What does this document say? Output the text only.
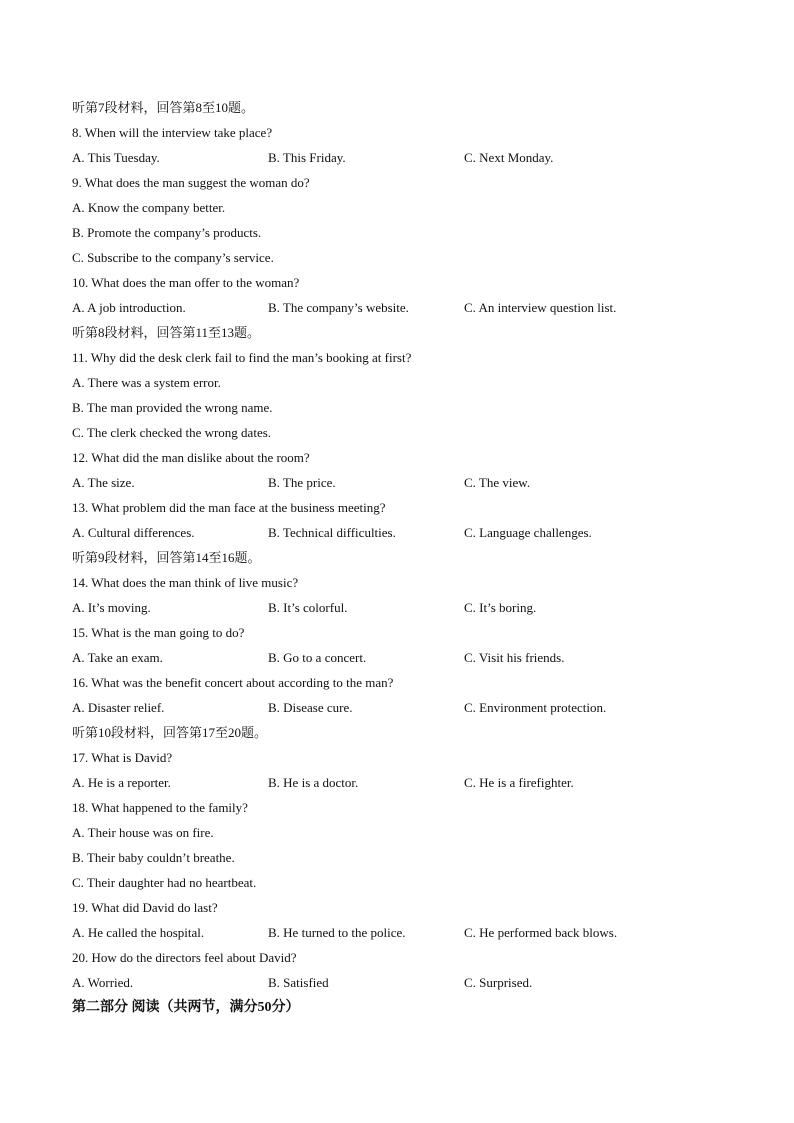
听第7段材料，回答第8至10题。
8. When will the interview take place?
A. This Tuesday.	B. This Friday.	C. Next Monday.
9. What does the man suggest the woman do?
A. Know the company better.
B. Promote the company’s products.
C. Subscribe to the company’s service.
10. What does the man offer to the woman?
A. A job introduction.	B. The company’s website.	C. An interview question list.
听第8段材料，回答第11至13题。
11. Why did the desk clerk fail to find the man’s booking at first?
A. There was a system error.
B. The man provided the wrong name.
C. The clerk checked the wrong dates.
12. What did the man dislike about the room?
A. The size.	B. The price.	C. The view.
13. What problem did the man face at the business meeting?
A. Cultural differences.	B. Technical difficulties.	C. Language challenges.
听第9段材料，回答第14至16题。
14. What does the man think of live music?
A. It’s moving.	B. It’s colorful.	C. It’s boring.
15. What is the man going to do?
A. Take an exam.	B. Go to a concert.	C. Visit his friends.
16. What was the benefit concert about according to the man?
A. Disaster relief.	B. Disease cure.	C. Environment protection.
听第10段材料，回答第17至20题。
17. What is David?
A. He is a reporter.	B. He is a doctor.	C. He is a firefighter.
18. What happened to the family?
A. Their house was on fire.
B. Their baby couldn’t breathe.
C. Their daughter had no heartbeat.
19. What did David do last?
A. He called the hospital.	B. He turned to the police.	C. He performed back blows.
20. How do the directors feel about David?
A. Worried.	B. Satisfied	C. Surprised.
第二部分 阅读（共两节，满分50分）
